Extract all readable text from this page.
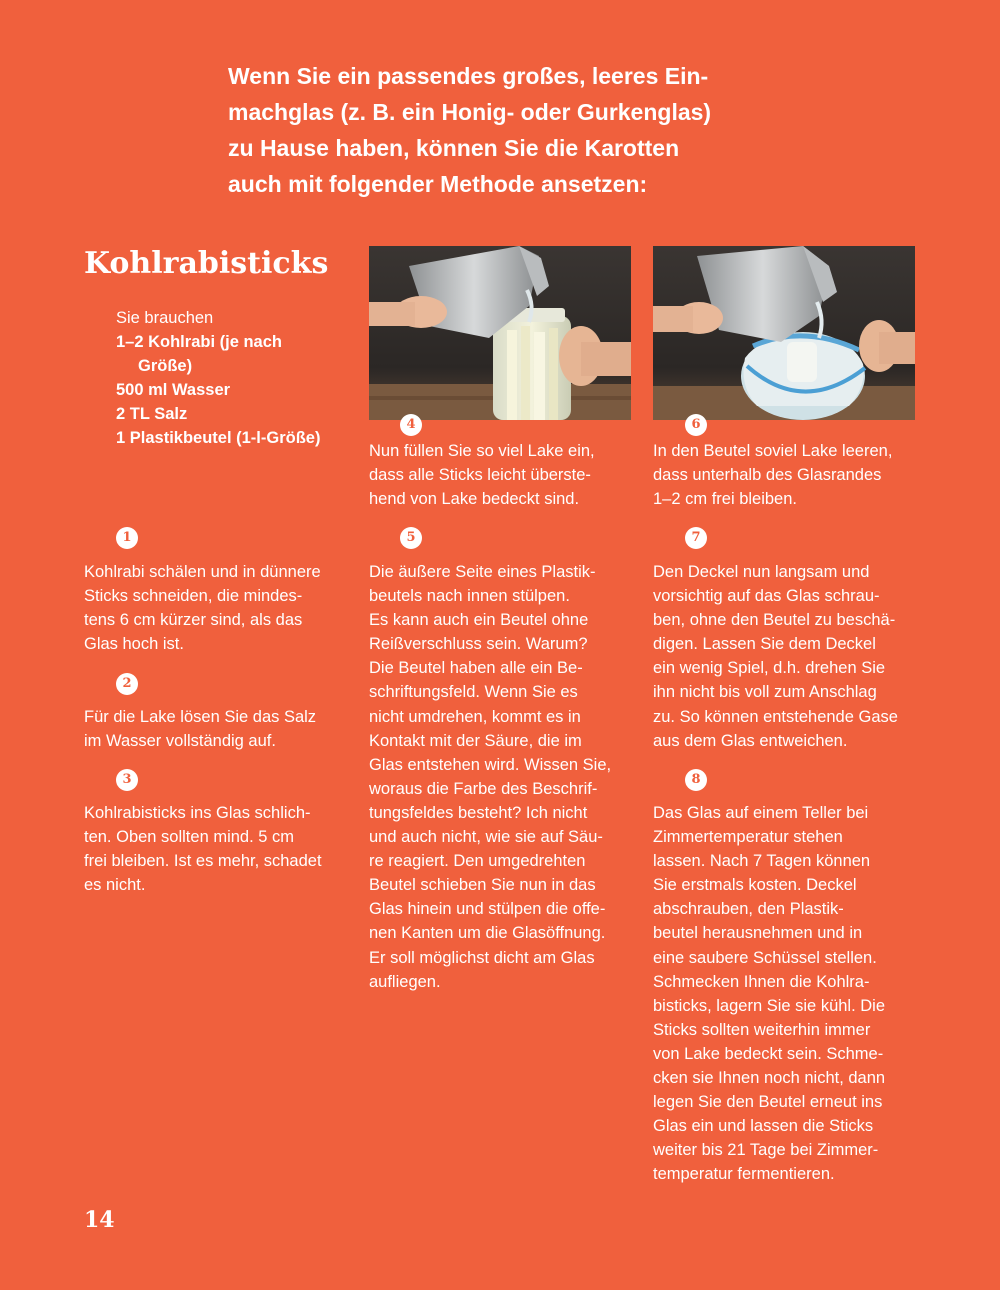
Wenn Sie ein passendes großes, leeres Ein-
machglas (z. B. ein Honig- oder Gurkenglas)
zu Hause haben, können Sie die Karotten
auch mit folgender Methode ansetzen:

Kohlrabisticks
Sie brauchen
1–2 Kohlrabi (je nach
Größe)
500 ml Wasser
2 TL Salz
1 Plastikbeutel (1-l-Größe)
1
2
3
4
5
6
7
8

Kohlrabi schälen und in dünnere
Sticks schneiden, die mindes-
tens 6 cm kürzer sind, als das
Glas hoch ist.

Für die Lake lösen Sie das Salz
im Wasser vollständig auf.

Kohlrabisticks ins Glas schlich-
ten. Oben sollten mind. 5 cm
frei bleiben. Ist es mehr, schadet
es nicht.

Nun füllen Sie so viel Lake ein,
dass alle Sticks leicht überste-
hend von Lake bedeckt sind.

Die äußere Seite eines Plastik-
beutels nach innen stülpen.
Es kann auch ein Beutel ohne
Reißverschluss sein. Warum?
Die Beutel haben alle ein Be-
schriftungsfeld. Wenn Sie es
nicht umdrehen, kommt es in
Kontakt mit der Säure, die im
Glas entstehen wird. Wissen Sie,
woraus die Farbe des Beschrif-
tungsfeldes besteht? Ich nicht
und auch nicht, wie sie auf Säu-
re reagiert. Den umgedrehten
Beutel schieben Sie nun in das
Glas hinein und stülpen die offe-
nen Kanten um die Glasöffnung.
Er soll möglichst dicht am Glas
aufliegen.

In den Beutel soviel Lake leeren,
dass unterhalb des Glasrandes
1–2 cm frei bleiben.

Den Deckel nun langsam und
vorsichtig auf das Glas schrau-
ben, ohne den Beutel zu beschä-
digen. Lassen Sie dem Deckel
ein wenig Spiel, d.h. drehen Sie
ihn nicht bis voll zum Anschlag
zu. So können entstehende Gase
aus dem Glas entweichen.

Das Glas auf einem Teller bei
Zimmertemperatur stehen
lassen. Nach 7 Tagen können
Sie erstmals kosten. Deckel
abschrauben, den Plastik-
beutel herausnehmen und in
eine saubere Schüssel stellen.
Schmecken Ihnen die Kohlra-
bisticks, lagern Sie sie kühl. Die
Sticks sollten weiterhin immer
von Lake bedeckt sein. Schme-
cken sie Ihnen noch nicht, dann
legen Sie den Beutel erneut ins
Glas ein und lassen die Sticks
weiter bis 21 Tage bei Zimmer-
temperatur fermentieren.

14
